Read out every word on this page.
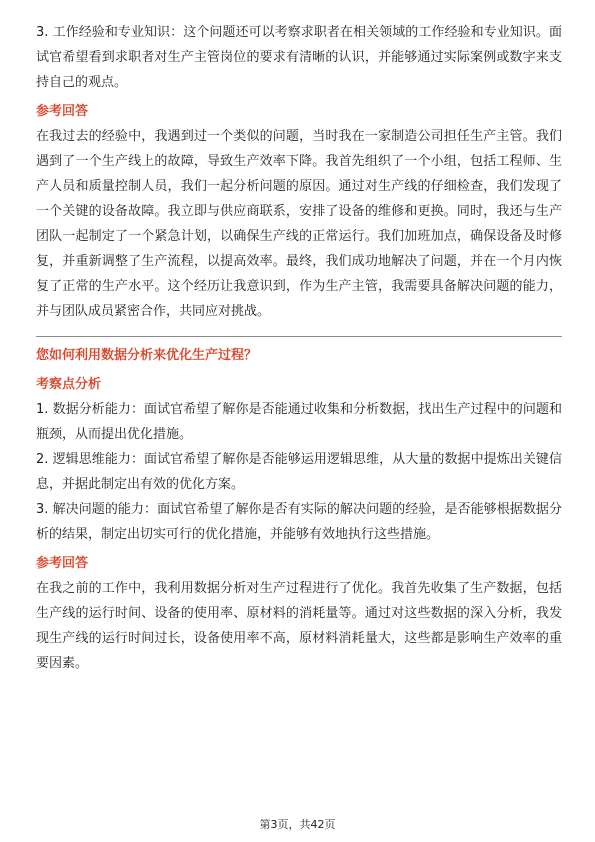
3. 工作经验和专业知识：这个问题还可以考察求职者在相关领域的工作经验和专业知识。面试官希望看到求职者对生产主管岗位的要求有清晰的认识，并能够通过实际案例或数字来支持自己的观点。

参考回答

在我过去的经验中，我遇到过一个类似的问题，当时我在一家制造公司担任生产主管。我们遇到了一个生产线上的故障，导致生产效率下降。我首先组织了一个小组，包括工程师、生产人员和质量控制人员，我们一起分析问题的原因。通过对生产线的仔细检查，我们发现了一个关键的设备故障。我立即与供应商联系，安排了设备的维修和更换。同时，我还与生产团队一起制定了一个紧急计划，以确保生产线的正常运行。我们加班加点，确保设备及时修复，并重新调整了生产流程，以提高效率。最终，我们成功地解决了问题，并在一个月内恢复了正常的生产水平。这个经历让我意识到，作为生产主管，我需要具备解决问题的能力，并与团队成员紧密合作，共同应对挑战。

您如何利用数据分析来优化生产过程？
考察点分析

1. 数据分析能力：面试官希望了解你是否能通过收集和分析数据，找出生产过程中的问题和瓶颈，从而提出优化措施。

2. 逻辑思维能力：面试官希望了解你是否能够运用逻辑思维，从大量的数据中提炼出关键信息，并据此制定出有效的优化方案。

3. 解决问题的能力：面试官希望了解你是否有实际的解决问题的经验，是否能够根据数据分析的结果，制定出切实可行的优化措施，并能够有效地执行这些措施。

参考回答

在我之前的工作中，我利用数据分析对生产过程进行了优化。我首先收集了生产数据，包括生产线的运行时间、设备的使用率、原材料的消耗量等。通过对这些数据的深入分析，我发现生产线的运行时间过长，设备使用率不高，原材料消耗量大，这些都是影响生产效率的重要因素。

第3页，共42页
